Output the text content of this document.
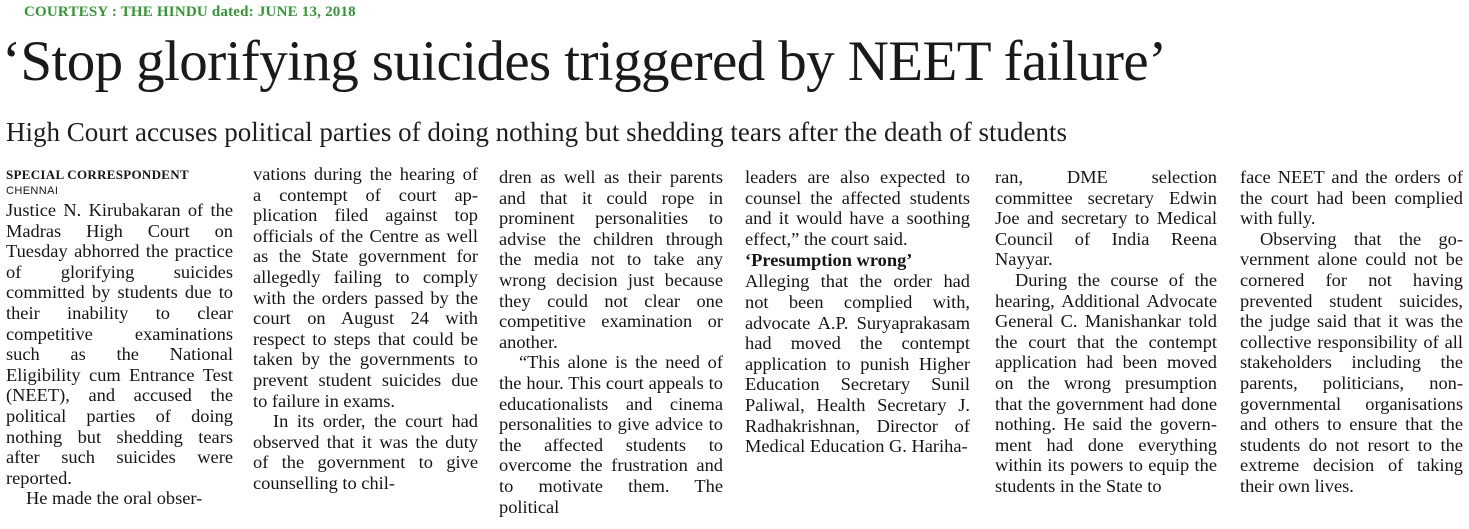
COURTESY : THE HINDU dated: JUNE 13, 2018
‘Stop glorifying suicides triggered by NEET failure’
High Court accuses political parties of doing nothing but shedding tears after the death of students
SPECIAL CORRESPONDENT
CHENNAI

Justice N. Kirubakaran of the Madras High Court on Tuesday abhorred the practice of glorifying suicides committed by students due to their inability to clear competitive examinations such as the National Eligibility cum Entrance Test (NEET), and accused the political parties of doing nothing but shedding tears after such suicides were reported.

He made the oral obser-

vations during the hearing of a contempt of court application filed against top officials of the Centre as well as the State government for allegedly failing to comply with the orders passed by the court on August 24 with respect to steps that could be taken by the governments to prevent student suicides due to failure in exams.

In its order, the court had observed that it was the duty of the government to give counselling to chil-

dren as well as their parents and that it could rope in prominent personalities to advise the children through the media not to take any wrong decision just because they could not clear one competitive examination or another.

“This alone is the need of the hour. This court appeals to educationalists and cinema personalities to give advice to the affected students to overcome the frustration and to motivate them. The political

leaders are also expected to counsel the affected students and it would have a soothing effect,” the court said.

‘Presumption wrong’

Alleging that the order had not been complied with, advocate A.P. Suryaprakasam had moved the contempt application to punish Higher Education Secretary Sunil Paliwal, Health Secretary J. Radhakrishnan, Director of Medical Education G. Hariha-

ran, DME selection committee secretary Edwin Joe and secretary to Medical Council of India Reena Nayyar.

During the course of the hearing, Additional Advocate General C. Manishankar told the court that the contempt application had been moved on the wrong presumption that the government had done nothing. He said the government had done everything within its powers to equip the students in the State to

face NEET and the orders of the court had been complied with fully.

Observing that the government alone could not be cornered for not having prevented student suicides, the judge said that it was the collective responsibility of all stakeholders including the parents, politicians, non-governmental organisations and others to ensure that the students do not resort to the extreme decision of taking their own lives.
